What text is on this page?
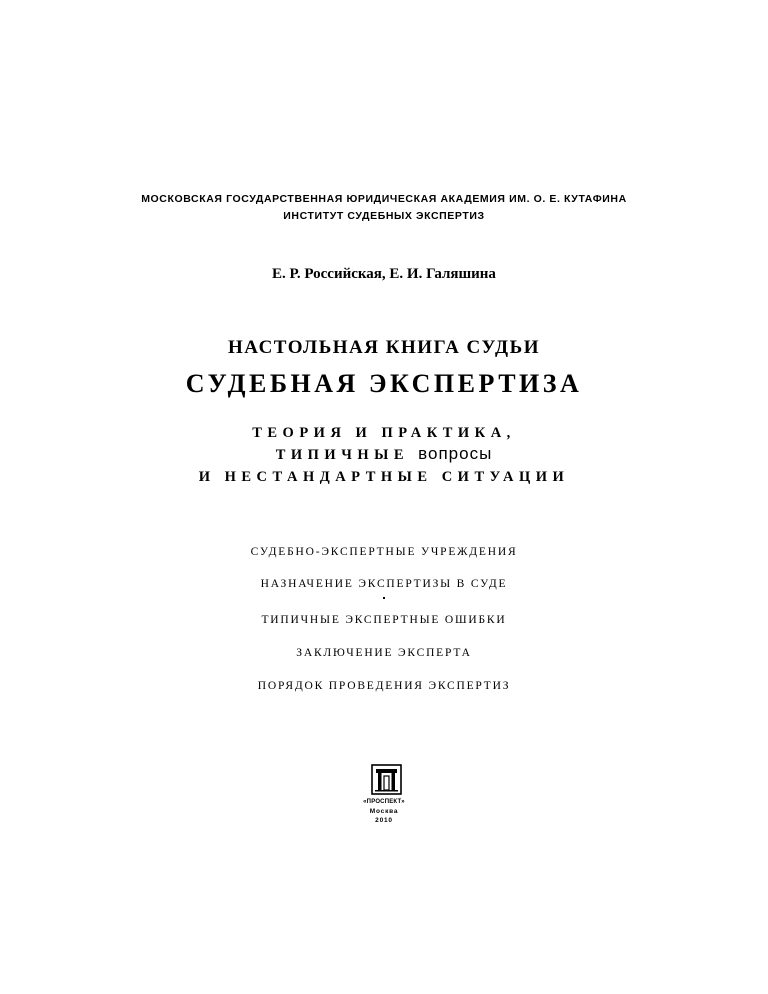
МОСКОВСКАЯ ГОСУДАРСТВЕННАЯ ЮРИДИЧЕСКАЯ АКАДЕМИЯ ИМ. О. Е. КУТАФИНА
ИНСТИТУТ СУДЕБНЫХ ЭКСПЕРТИЗ
Е. Р. Российская, Е. И. Галяшина
НАСТОЛЬНАЯ КНИГА СУДЬИ
СУДЕБНАЯ ЭКСПЕРТИЗА
ТЕОРИЯ И ПРАКТИКА,
ТИПИЧНЫЕ вопросы
И НЕСТАНДАРТНЫЕ СИТУАЦИИ
СУДЕБНО-ЭКСПЕРТНЫЕ УЧРЕЖДЕНИЯ
НАЗНАЧЕНИЕ ЭКСПЕРТИЗЫ В СУДЕ
ТИПИЧНЫЕ ЭКСПЕРТНЫЕ ОШИБКИ
ЗАКЛЮЧЕНИЕ ЭКСПЕРТА
ПОРЯДОК ПРОВЕДЕНИЯ ЭКСПЕРТИЗ
«ПРОСПЕКТ»
Москва
2010
